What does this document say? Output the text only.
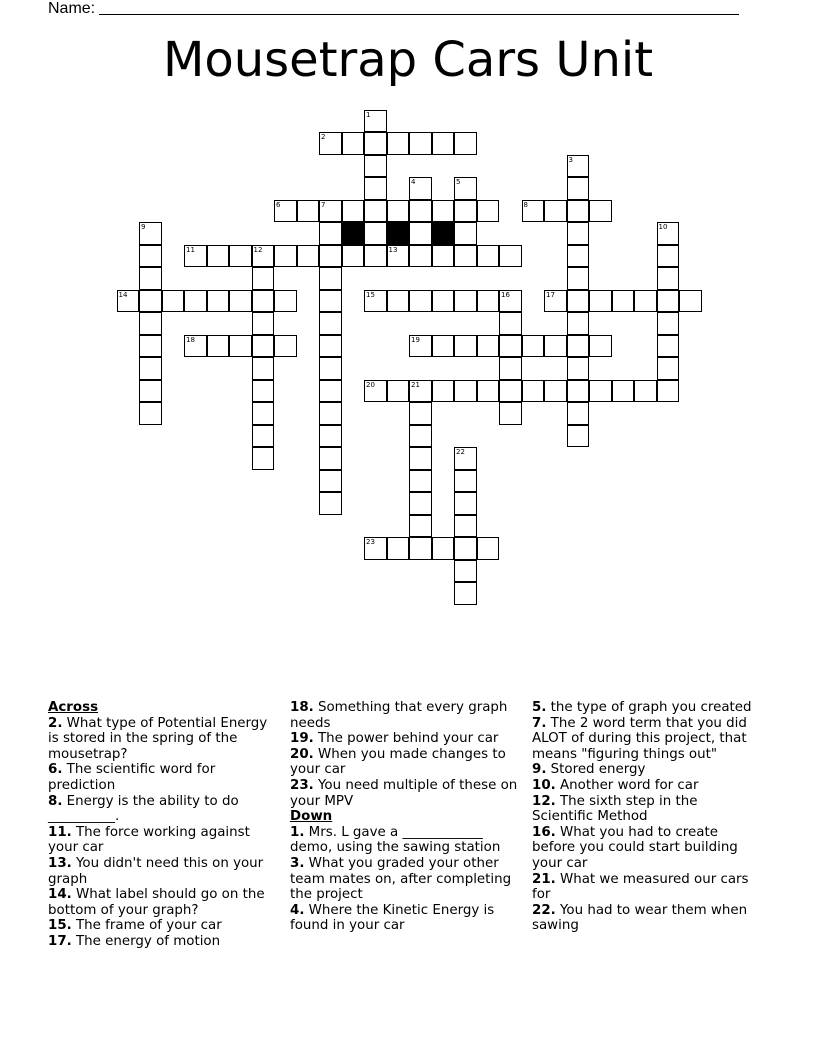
Name:
Mousetrap Cars Unit
2
6	7	8
11	12	13
14	15	16	17
18	19
20	21
23
1
3
4	5
9	10
22

Across

2. What type of Potential Energy is stored in the spring of the mousetrap?

6. The scientific word for prediction

8. Energy is the ability to do __________.

11. The force working against your car

13. You didn't need this on your graph

14. What label should go on the bottom of your graph?

15. The frame of your car

17. The energy of motion

18. Something that every graph needs

19. The power behind your car

20. When you made changes to your car

23. You need multiple of these on your MPV

Down

1. Mrs. L gave a ____________ demo, using the sawing station

3. What you graded your other team mates on, after completing the project

4. Where the Kinetic Energy is found in your car

5. the type of graph you created

7. The 2 word term that you did ALOT of during this project, that means "figuring things out"

9. Stored energy

10. Another word for car

12. The sixth step in the Scientific Method

16. What you had to create before you could start building your car

21. What we measured our cars for

22. You had to wear them when sawing
